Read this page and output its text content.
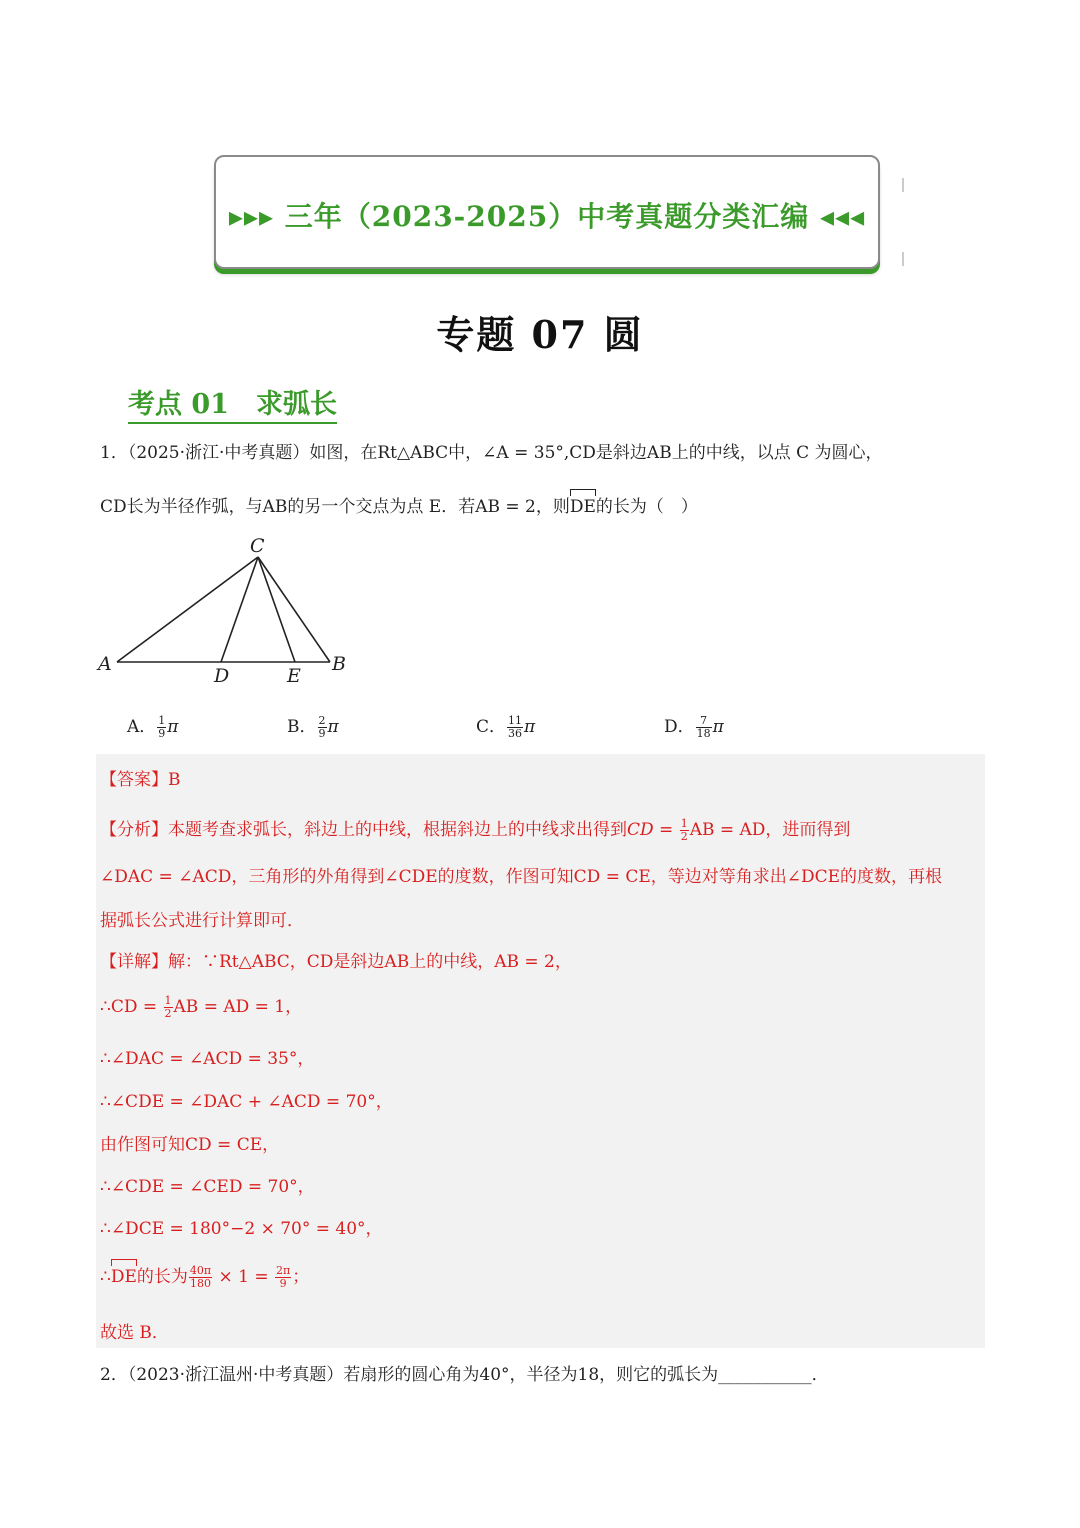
▸▸▸ 三年（2023-2025）中考真题分类汇编 ◂◂◂
专题 07 圆
考点 01　求弧长
1．（2025·浙江·中考真题）如图，在Rt△ABC中，∠A = 35°,CD是斜边AB上的中线，以点 C 为圆心，
CD长为半径作弧，与AB的另一个交点为点 E．若AB = 2，则DE的长为（　）
C
A	B
D	E
A． $\frac{1}{9}$ π	B． $\frac{2}{9}$ π	C． $\frac{11}{36}$ π	D． $\frac{7}{18}$ π
【答案】B
【分析】本题考查求弧长，斜边上的中线，根据斜边上的中线求出得到CD = $\frac{1}{2}$ AB = AD，进而得到
∠DAC = ∠ACD，三角形的外角得到∠CDE的度数，作图可知CD = CE，等边对等角求出∠DCE的度数，再根
据弧长公式进行计算即可．
【详解】解：∵Rt△ABC，CD是斜边AB上的中线，AB = 2，
∴CD = $\frac{1}{2}$ AB = AD = 1，
∴∠DAC = ∠ACD = 35°，
∴∠CDE = ∠DAC + ∠ACD = 70°，
由作图可知CD = CE，
∴∠CDE = ∠CED = 70°，
∴∠DCE = 180°−2 × 70° = 40°，
∴DE的长为 $\frac{40\pi}{180} \times 1 = \frac{2\pi}{9}$ ；
故选 B．
2．（2023·浙江温州·中考真题）若扇形的圆心角为40°，半径为18，则它的弧长为___________．
